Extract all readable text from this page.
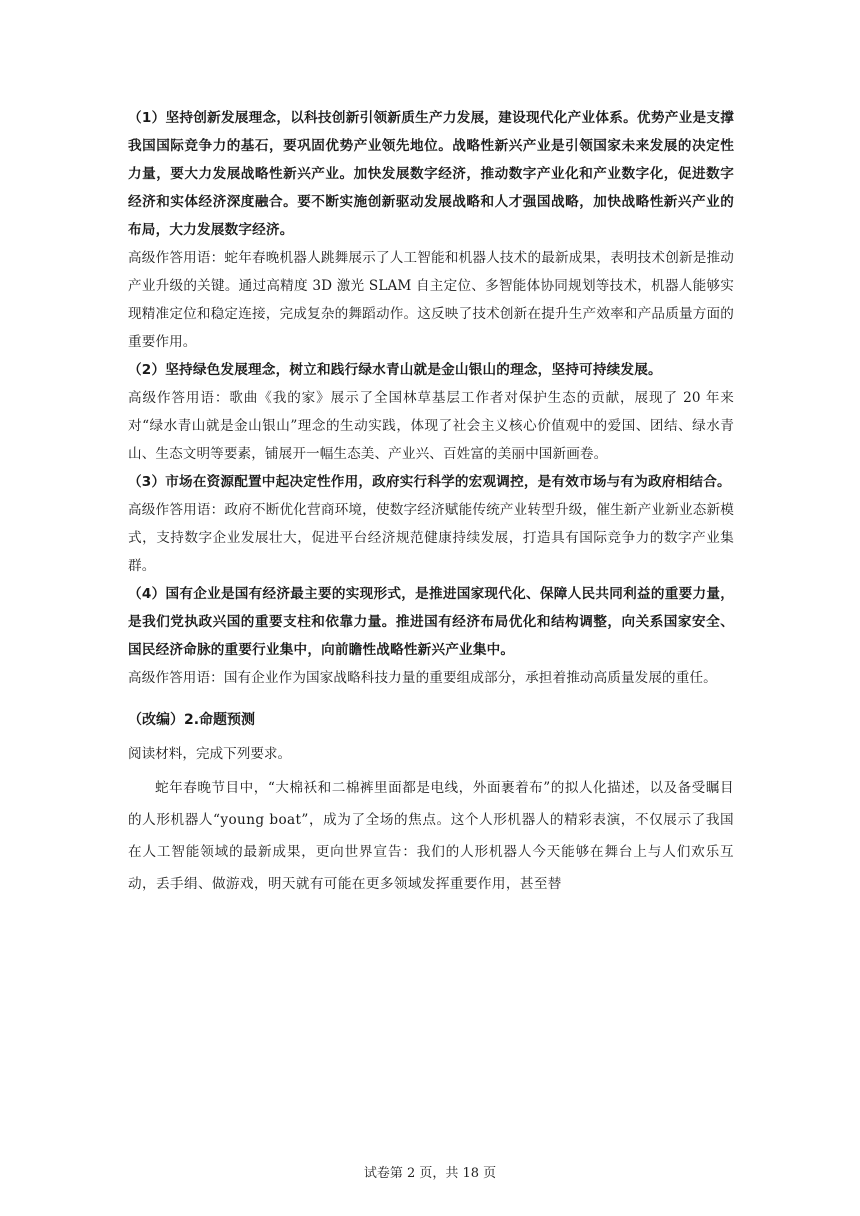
（1）坚持创新发展理念，以科技创新引领新质生产力发展，建设现代化产业体系。优势产业是支撑我国国际竞争力的基石，要巩固优势产业领先地位。战略性新兴产业是引领国家未来发展的决定性力量，要大力发展战略性新兴产业。加快发展数字经济，推动数字产业化和产业数字化，促进数字经济和实体经济深度融合。要不断实施创新驱动发展战略和人才强国战略，加快战略性新兴产业的布局，大力发展数字经济。

高级作答用语：蛇年春晚机器人跳舞展示了人工智能和机器人技术的最新成果，表明技术创新是推动产业升级的关键。通过高精度 3D 激光 SLAM 自主定位、多智能体协同规划等技术，机器人能够实现精准定位和稳定连接，完成复杂的舞蹈动作。这反映了技术创新在提升生产效率和产品质量方面的重要作用。

（2）坚持绿色发展理念，树立和践行绿水青山就是金山银山的理念，坚持可持续发展。

高级作答用语：歌曲《我的家》展示了全国林草基层工作者对保护生态的贡献，展现了 20 年来对“绿水青山就是金山银山”理念的生动实践，体现了社会主义核心价值观中的爱国、团结、绿水青山、生态文明等要素，铺展开一幅生态美、产业兴、百姓富的美丽中国新画卷。

（3）市场在资源配置中起决定性作用，政府实行科学的宏观调控，是有效市场与有为政府相结合。

高级作答用语：政府不断优化营商环境，使数字经济赋能传统产业转型升级，催生新产业新业态新模式，支持数字企业发展壮大，促进平台经济规范健康持续发展，打造具有国际竞争力的数字产业集群。

（4）国有企业是国有经济最主要的实现形式，是推进国家现代化、保障人民共同利益的重要力量，是我们党执政兴国的重要支柱和依靠力量。推进国有经济布局优化和结构调整，向关系国家安全、国民经济命脉的重要行业集中，向前瞻性战略性新兴产业集中。

高级作答用语：国有企业作为国家战略科技力量的重要组成部分，承担着推动高质量发展的重任。

（改编）2.命题预测

阅读材料，完成下列要求。

蛇年春晚节目中，“大棉袄和二棉裤里面都是电线，外面裹着布”的拟人化描述，以及备受瞩目的人形机器人“young boat”，成为了全场的焦点。这个人形机器人的精彩表演，不仅展示了我国在人工智能领域的最新成果，更向世界宣告：我们的人形机器人今天能够在舞台上与人们欢乐互动，丢手绢、做游戏，明天就有可能在更多领域发挥重要作用，甚至替

试卷第 2 页，共 18 页
